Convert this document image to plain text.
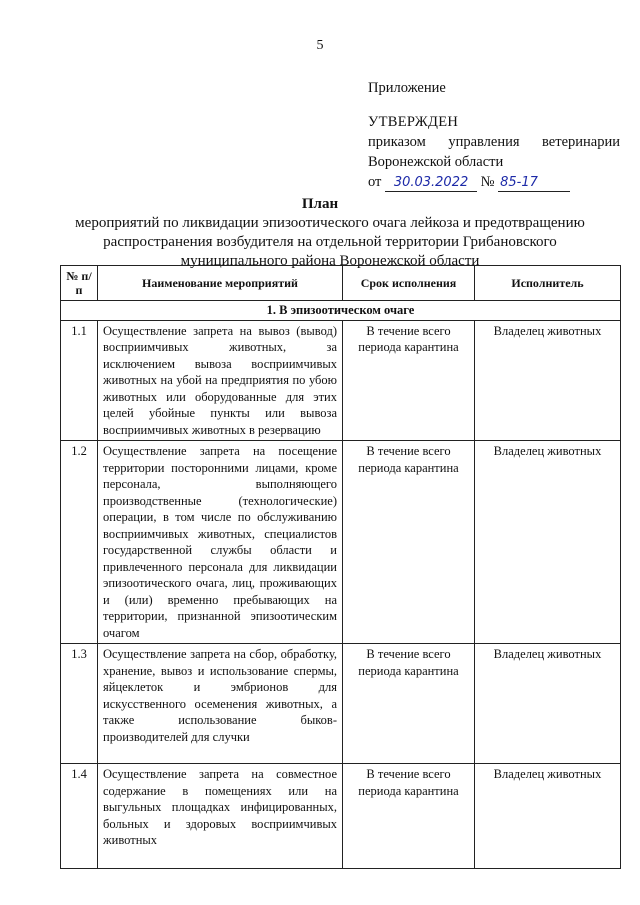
5
Приложение
УТВЕРЖДЕН
приказом управления ветеринарии
Воронежской области
от 30.03.2022 № 85-17
План
мероприятий по ликвидации эпизоотического очага лейкоза и предотвращению распространения возбудителя на отдельной территории Грибановского муниципального района Воронежской области
№ п/п	Наименование мероприятий	Срок исполнения	Исполнитель
1. В эпизоотическом очаге			
1.1	Осуществление запрета на вывоз (вывод) восприимчивых животных, за исключением вывоза восприимчивых животных на убой на предприятия по убою животных или оборудованные для этих целей убойные пункты или вывоза восприимчивых животных в резервацию	В течение всего периода карантина	Владелец животных
1.2	Осуществление запрета на посещение территории посторонними лицами, кроме персонала, выполняющего производственные (технологические) операции, в том числе по обслуживанию восприимчивых животных, специалистов государственной службы области и привлеченного персонала для ликвидации эпизоотического очага, лиц, проживающих и (или) временно пребывающих на территории, признанной эпизоотическим очагом	В течение всего периода карантина	Владелец животных
1.3	Осуществление запрета на сбор, обработку, хранение, вывоз и использование спермы, яйцеклеток и эмбрионов для искусственного осеменения животных, а также использование быков-производителей для случки	В течение всего периода карантина	Владелец животных
1.4	Осуществление запрета на совместное содержание в помещениях или на выгульных площадках инфицированных, больных и здоровых восприимчивых животных	В течение всего периода карантина	Владелец животных
